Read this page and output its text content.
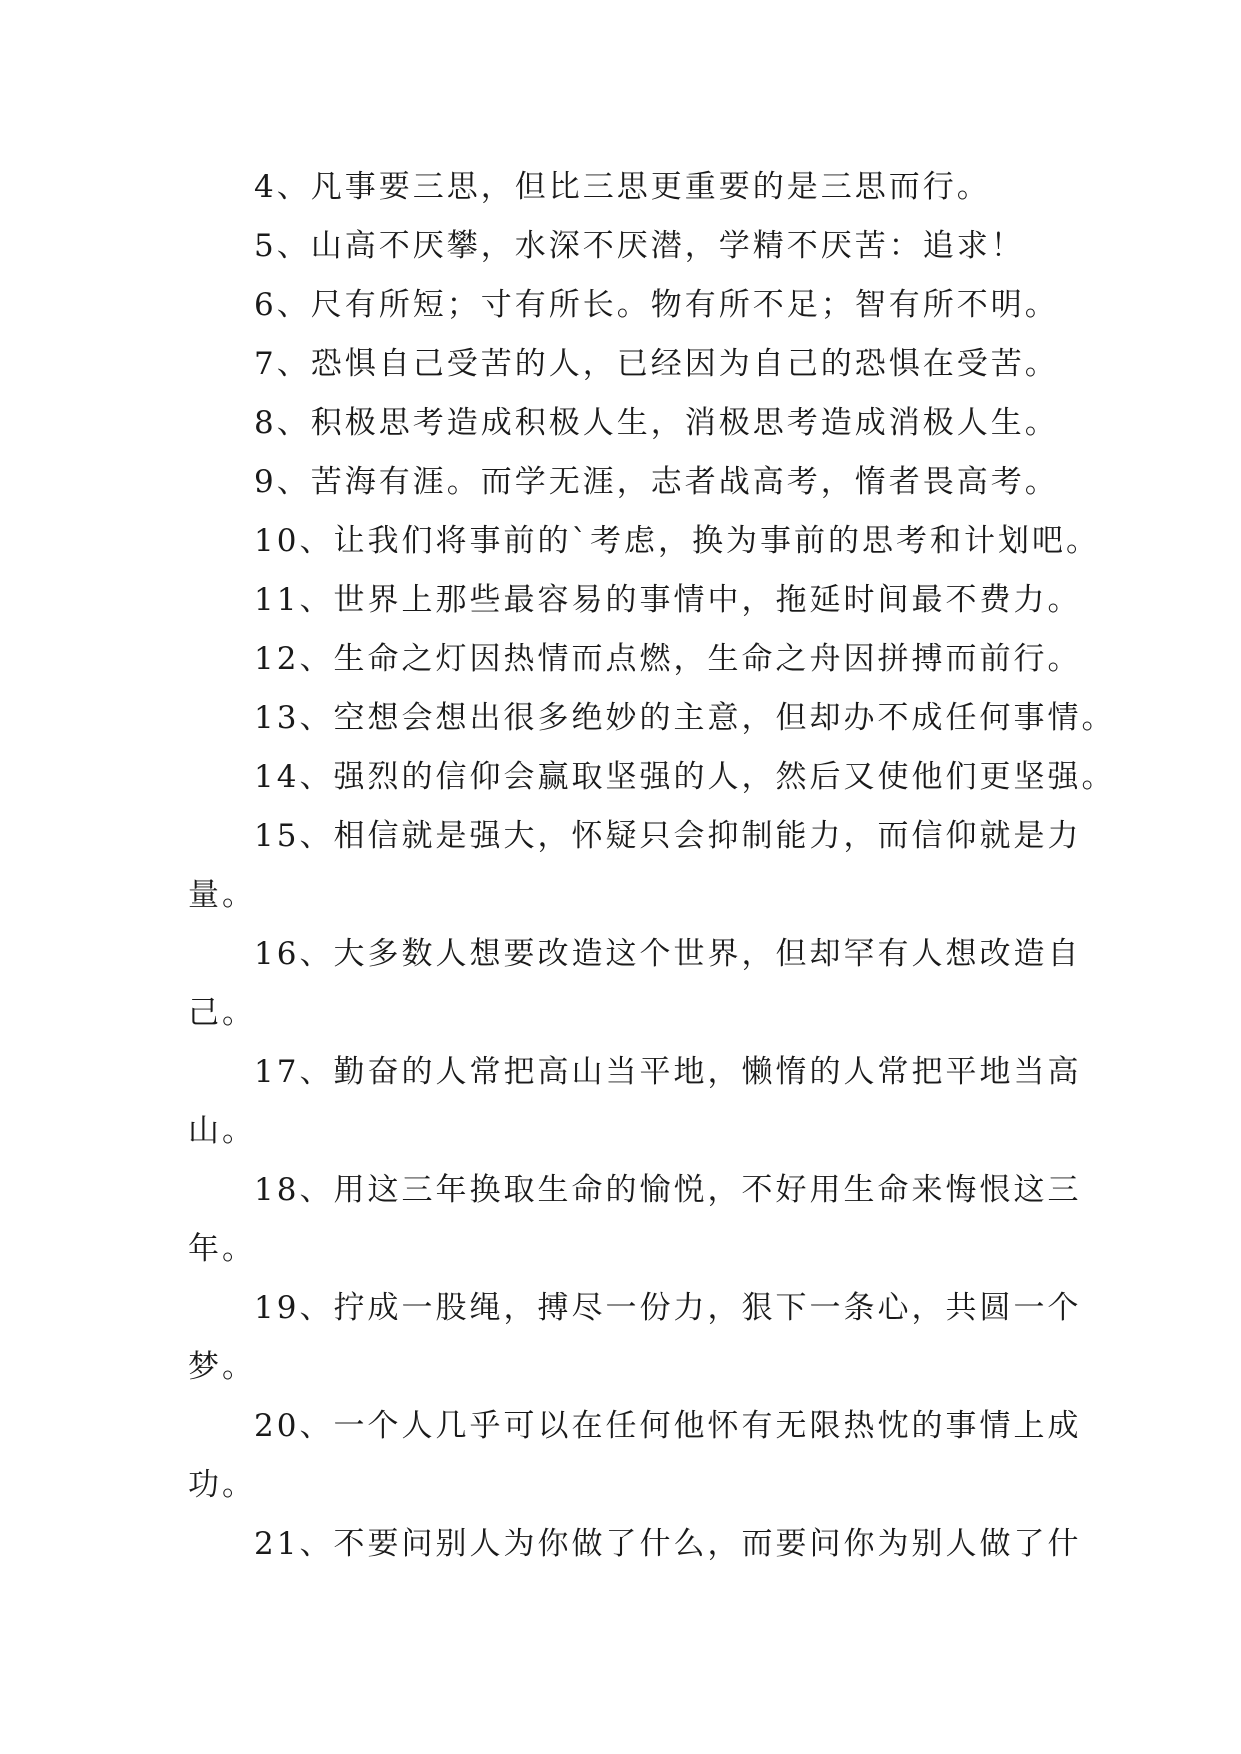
4、凡事要三思，但比三思更重要的是三思而行。
5、山高不厌攀，水深不厌潜，学精不厌苦：追求！
6、尺有所短；寸有所长。物有所不足；智有所不明。
7、恐惧自己受苦的人，已经因为自己的恐惧在受苦。
8、积极思考造成积极人生，消极思考造成消极人生。
9、苦海有涯。而学无涯，志者战高考，惰者畏高考。
10、让我们将事前的`考虑，换为事前的思考和计划吧。
11、世界上那些最容易的事情中，拖延时间最不费力。
12、生命之灯因热情而点燃，生命之舟因拼搏而前行。
13、空想会想出很多绝妙的主意，但却办不成任何事情。
14、强烈的信仰会赢取坚强的人，然后又使他们更坚强。
15、相信就是强大，怀疑只会抑制能力，而信仰就是力
量。
16、大多数人想要改造这个世界，但却罕有人想改造自
己。
17、勤奋的人常把高山当平地，懒惰的人常把平地当高
山。
18、用这三年换取生命的愉悦，不好用生命来悔恨这三
年。
19、拧成一股绳，搏尽一份力，狠下一条心，共圆一个
梦。
20、一个人几乎可以在任何他怀有无限热忱的事情上成
功。
21、不要问别人为你做了什么，而要问你为别人做了什
